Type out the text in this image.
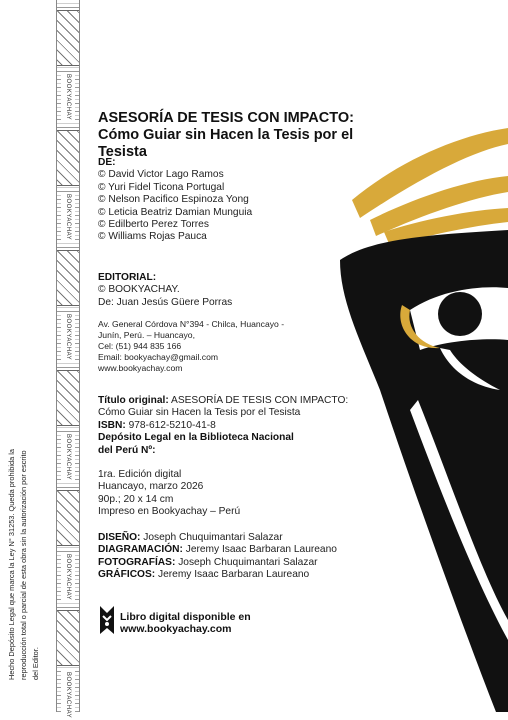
BOOKYACHAY
BOOKYACHAY
BOOKYACHAY
BOOKYACHAY
BOOKYACHAY
BOOKYACHAY
Hecho Depósito Legal que marca la Ley N° 31253. Queda prohibida la reproducción total o parcial de esta obra sin la autorización por escrito del Editor.
ASESORÍA DE TESIS CON IMPACTO: Cómo Guiar sin Hacen la Tesis por el Tesista
DE:
© David Victor Lago Ramos
© Yuri Fidel Ticona Portugal
© Nelson Pacifico Espinoza Yong
© Leticia Beatriz Damian Munguia
© Edilberto Perez Torres
© Williams Rojas Pauca
EDITORIAL:
© BOOKYACHAY.
De: Juan Jesús Güere Porras
Av. General Córdova N°394 - Chilca, Huancayo -
Junín, Perú. – Huancayo,
Cel: (51) 944 835 166
Email: bookyachay@gmail.com
www.bookyachay.com
Título original: ASESORÍA DE TESIS CON IMPACTO:
Cómo Guiar sin Hacen la Tesis por el Tesista
ISBN: 978-612-5210-41-8
Depósito Legal en la Biblioteca Nacional
del Perú Nº:
1ra. Edición digital
Huancayo, marzo 2026
90p.; 20 x 14 cm
Impreso en Bookyachay – Perú
DISEÑO: Joseph Chuquimantari Salazar
DIAGRAMACIÓN: Jeremy Isaac Barbaran Laureano
FOTOGRAFÍAS: Joseph Chuquimantari Salazar
GRÁFICOS: Jeremy Isaac Barbaran Laureano
Libro digital disponible en
www.bookyachay.com
